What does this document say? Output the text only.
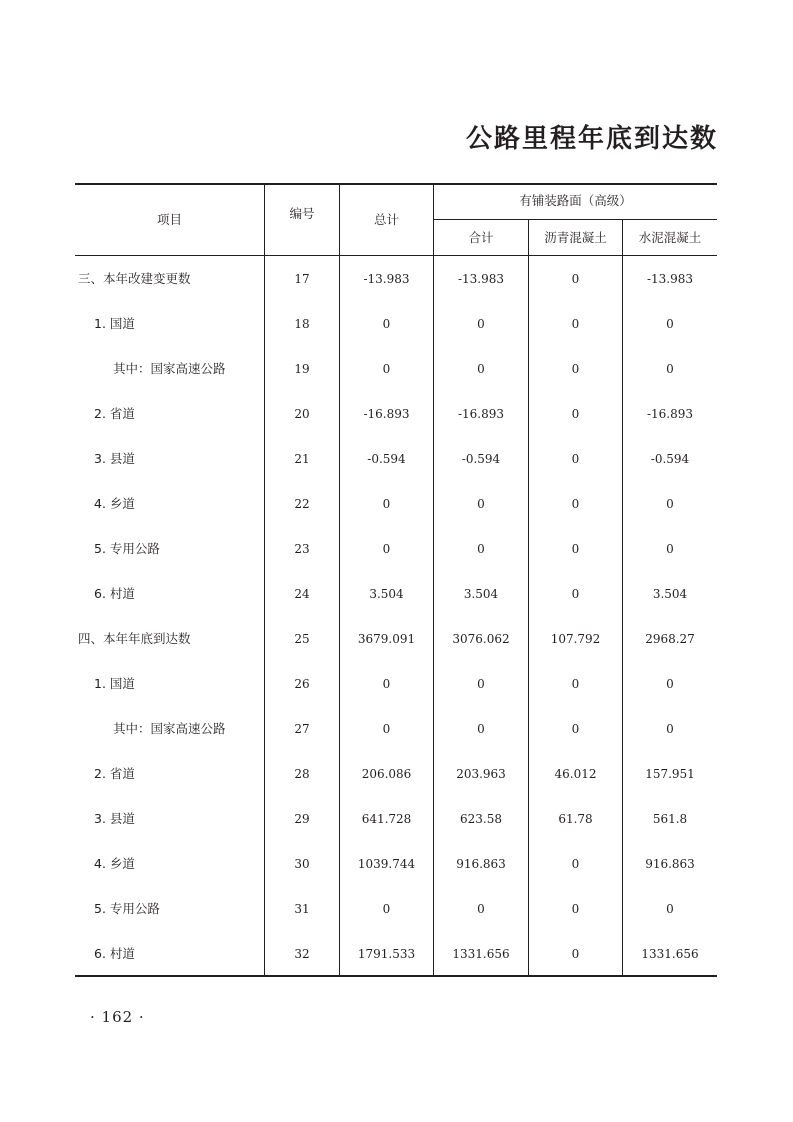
公路里程年底到达数
项目	编号	总计
有铺装路面（高级）
合计	沥青混凝土	水泥混凝土
三、本年改建变更数	17	-13.983	-13.983	0	-13.983
1. 国道	18	0	0	0	0
其中：国家高速公路	19	0	0	0	0
2. 省道	20	-16.893	-16.893	0	-16.893
3. 县道	21	-0.594	-0.594	0	-0.594
4. 乡道	22	0	0	0	0
5. 专用公路	23	0	0	0	0
6. 村道	24	3.504	3.504	0	3.504
四、本年年底到达数	25	3679.091	3076.062	107.792	2968.27
1. 国道	26	0	0	0	0
其中：国家高速公路	27	0	0	0	0
2. 省道	28	206.086	203.963	46.012	157.951
3. 县道	29	641.728	623.58	61.78	561.8
4. 乡道	30	1039.744	916.863	0	916.863
5. 专用公路	31	0	0	0	0
6. 村道	32	1791.533	1331.656	0	1331.656
· 162 ·
